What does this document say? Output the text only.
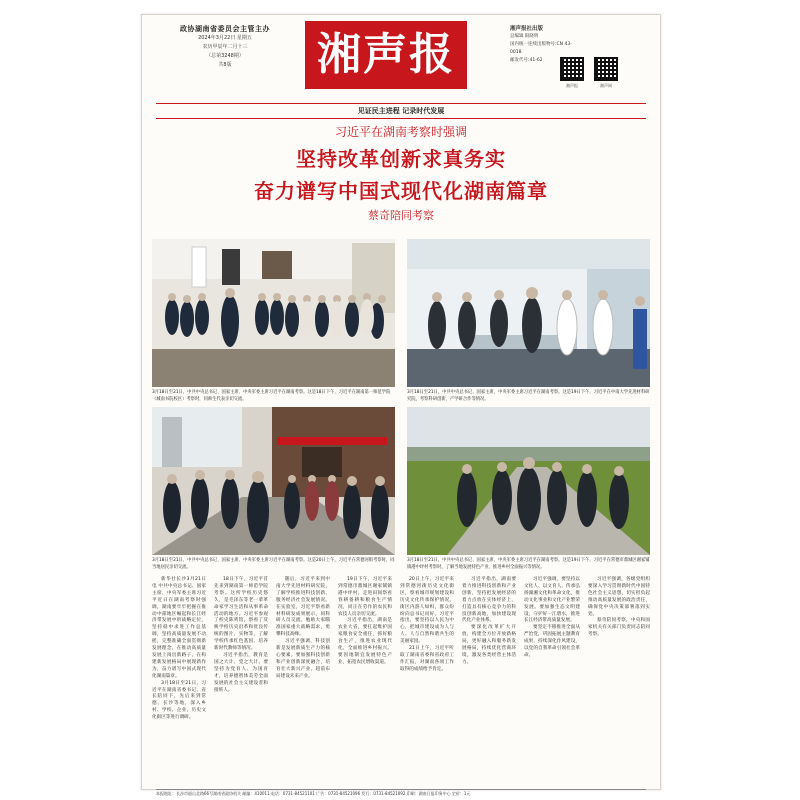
政协湖南省委员会主管主办
2024年3月22日 星期五
农历甲辰年二月十三
（总第3248期）
共8版	湘声报	湘声报社出版
总编辑 阳晓明
国内统一连续出版物号:CN 43-0018
邮发代号:41-62
湘声报	湘声网
见证民主进程 记录时代发展
习近平在湖南考察时强调
坚持改革创新求真务实
奋力谱写中国式现代化湖南篇章
蔡奇陪同考察
3月18日至21日，中共中央总书记、国家主席、中央军委主席习近平在湖南考察。这是18日下午，习近平在湖南第一师范学院（城南书院校区）考察时，同师生代表亲切交流。
3月18日至21日，中共中央总书记、国家主席、中央军委主席习近平在湖南考察。这是19日下午，习近平在中南大学先进材料研究院，考察科研创新、产学研合作等情况。
3月18日至21日，中共中央总书记、国家主席、中央军委主席习近平在湖南考察。这是20日上午，习近平在常德河街考察时，同当地居民亲切交流。
3月18日至21日，中共中央总书记、国家主席、中央军委主席习近平在湖南考察。这是19日下午，习近平在常德市鼎城区谢家铺镇港中坪村考察时，了解当地发展特色产业、推进乡村全面振兴等情况。

新华社长沙3月21日电 中共中央总书记、国家主席、中央军委主席习近平近日在湖南考察时强调，湖南要牢牢把握在推动中部地区崛起和长江经济带发展中的战略定位，坚持稳中求进工作总基调，坚持高质量发展不动摇，完整准确全面贯彻新发展理念，在推动高质量发展上闯出新路子，在构建新发展格局中展现新作为，奋力谱写中国式现代化湖南篇章。

3月18日至21日，习近平在湖南省委书记、省长陪同下，先后来到常德、长沙等地，深入乡村、学校、企业、历史文化街区等进行调研。

18日下午，习近平首先来到湖南第一师范学院考察。这所学校历史悠久，是毛泽东等老一辈革命家学习生活和从事革命活动的地方。习近平参观了校史陈列馆，察看了反映学校历史沿革和优良传统的图片、实物等，了解学校传承红色基因、培养新时代教师等情况。

习近平指出，教育是国之大计、党之大计。要坚持为党育人、为国育才，培养德智体美劳全面发展的社会主义建设者和接班人。

随后，习近平来到中南大学先进材料研究院，了解学校推进科技创新、服务经济社会发展情况。在实验室，习近平察看新材料研发成果展示，同科研人员交流，勉励大家瞄准国家重大战略需求，勇攀科技高峰。

习近平强调，科技创新是发展新质生产力的核心要素。要加强科技创新和产业创新深度融合，培育壮大新兴产业，超前布局建设未来产业。

19日下午，习近平来到常德市鼎城区谢家铺镇港中坪村，走进田间察看春耕备耕和粮食生产情况，同正在劳作的农民和农技人员亲切交流。

习近平指出，湖南是农业大省，要扛起维护国家粮食安全重任，抓好粮食生产，推进农业现代化，全面推进乡村振兴。要因地制宜发展特色产业，拓宽农民增收渠道。

20日上午，习近平来到常德河街历史文化街区，察看城市规划建设和历史文化传承保护情况。街区内游人如织，群众纷纷向总书记问好。习近平指出，要坚持以人民为中心，把城市建设成为人与人、人与自然和谐共生的美丽家园。

21日上午，习近平听取了湖南省委和省政府工作汇报，对湖南各项工作取得的成绩给予肯定。

习近平指出，湖南要着力推进科技创新和产业创新，坚持把发展经济的着力点放在实体经济上，打造具有核心竞争力的科技创新高地，加快建设现代化产业体系。

要深化改革扩大开放，构建全方位开放新格局，更好融入和服务新发展格局，持续优化营商环境，激发各类经营主体活力。

习近平强调，要坚持以文化人、以文育人，传承弘扬湖湘文化和革命文化，推动文化事业和文化产业繁荣发展。要加强生态文明建设，守护好一江碧水，推进长江经济带高质量发展。

要坚定不移推进全面从严治党，巩固拓展主题教育成果，持续深化作风建设，以党的自我革命引领社会革命。

习近平强调，各级党组织要深入学习贯彻新时代中国特色社会主义思想，切实担负起推动高质量发展的政治责任，确保党中央决策部署落到实处。

蔡奇陪同考察，中央和国家机关有关部门负责同志陪同考察。

本报地址：长沙市韶山北路66号湖南省政协机关 邮编：410011 电话：0731-84521101 广告：0731-84521096 发行：0731-84521092 印刷：湖南日报印务中心 定价：1元
